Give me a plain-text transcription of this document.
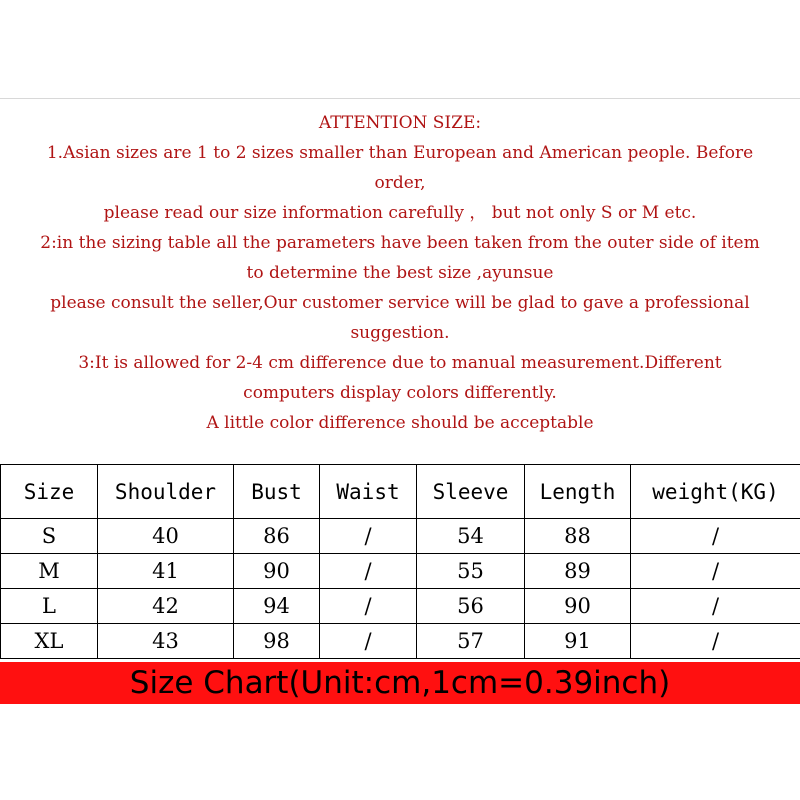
ATTENTION SIZE:

1.Asian sizes are 1 to 2 sizes smaller than European and American people. Before

order,

please read our size information carefully ， but not only S or M etc.

2:in the sizing table all the parameters have been taken from the outer side of item

to determine the best size ,ayunsue

please consult the seller,Our customer service will be glad to gave a professional

suggestion.

3:It is allowed for 2-4 cm difference due to manual measurement.Different

computers display colors differently.

A little color difference should be acceptable

Size	Shoulder	Bust	Waist	Sleeve	Length	weight(KG)
S	40	86	/	54	88	/
M	41	90	/	55	89	/
L	42	94	/	56	90	/
XL	43	98	/	57	91	/
Size Chart(Unit:cm,1cm=0.39inch)
